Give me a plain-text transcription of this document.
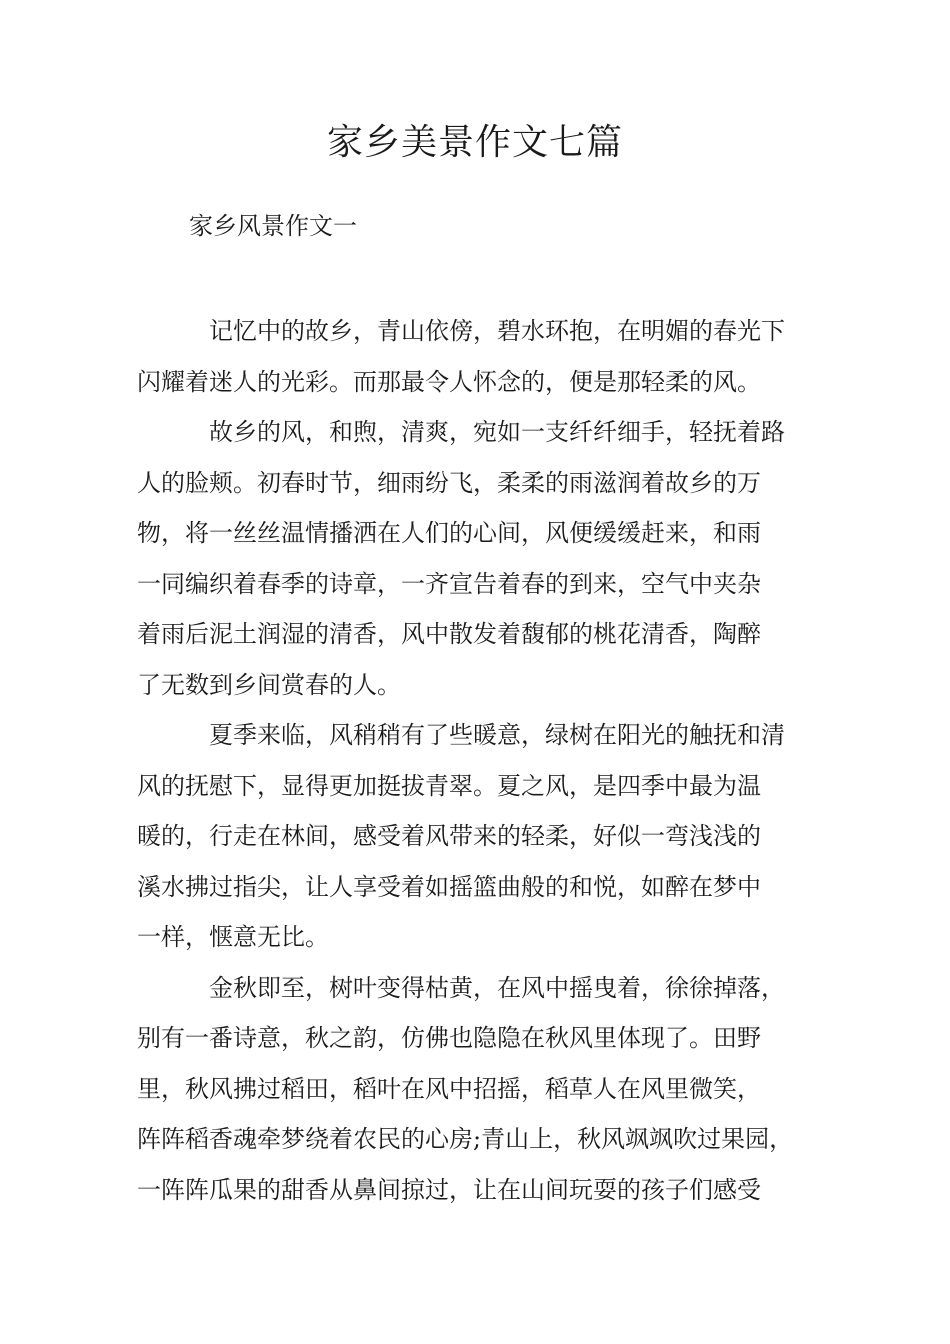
家乡美景作文七篇
家乡风景作文一
记忆中的故乡，青山依傍，碧水环抱，在明媚的春光下
闪耀着迷人的光彩。而那最令人怀念的，便是那轻柔的风。
故乡的风，和煦，清爽，宛如一支纤纤细手，轻抚着路
人的脸颊。初春时节，细雨纷飞，柔柔的雨滋润着故乡的万
物，将一丝丝温情播洒在人们的心间，风便缓缓赶来，和雨
一同编织着春季的诗章，一齐宣告着春的到来，空气中夹杂
着雨后泥土润湿的清香，风中散发着馥郁的桃花清香，陶醉
了无数到乡间赏春的人。
夏季来临，风稍稍有了些暖意，绿树在阳光的触抚和清
风的抚慰下，显得更加挺拔青翠。夏之风，是四季中最为温
暖的，行走在林间，感受着风带来的轻柔，好似一弯浅浅的
溪水拂过指尖，让人享受着如摇篮曲般的和悦，如醉在梦中
一样，惬意无比。
金秋即至，树叶变得枯黄，在风中摇曳着，徐徐掉落，
别有一番诗意，秋之韵，仿佛也隐隐在秋风里体现了。田野
里，秋风拂过稻田，稻叶在风中招摇，稻草人在风里微笑，
阵阵稻香魂牵梦绕着农民的心房;青山上，秋风飒飒吹过果园，
一阵阵瓜果的甜香从鼻间掠过，让在山间玩耍的孩子们感受
